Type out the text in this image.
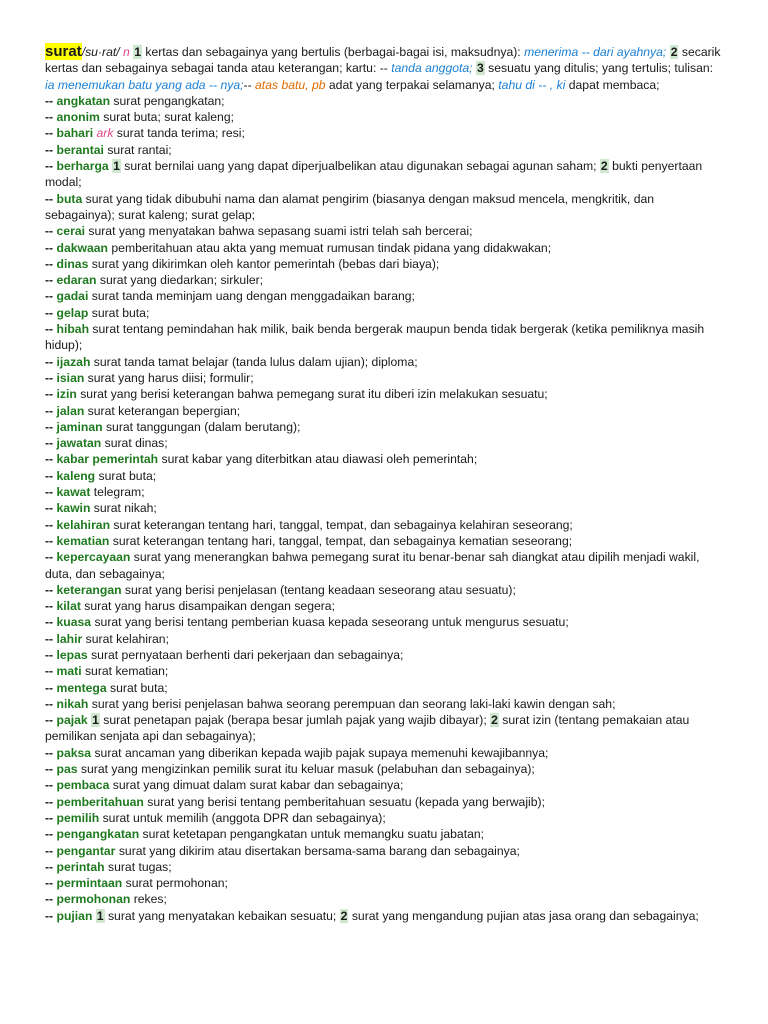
surat/su·rat/ n 1 kertas dan sebagainya yang bertulis (berbagai-bagai isi, maksudnya): menerima -- dari ayahnya; 2 secarik kertas dan sebagainya sebagai tanda atau keterangan; kartu: -- tanda anggota; 3 sesuatu yang ditulis; yang tertulis; tulisan: ia menemukan batu yang ada -- nya;-- atas batu, pb adat yang terpakai selamanya; tahu di -- , ki dapat membaca;

-- angkatan surat pengangkatan;

-- anonim surat buta; surat kaleng;

-- bahari ark surat tanda terima; resi;

-- berantai surat rantai;

-- berharga 1 surat bernilai uang yang dapat diperjualbelikan atau digunakan sebagai agunan saham; 2 bukti penyertaan modal;

-- buta surat yang tidak dibubuhi nama dan alamat pengirim (biasanya dengan maksud mencela, mengkritik, dan sebagainya); surat kaleng; surat gelap;

-- cerai surat yang menyatakan bahwa sepasang suami istri telah sah bercerai;

-- dakwaan pemberitahuan atau akta yang memuat rumusan tindak pidana yang didakwakan;

-- dinas surat yang dikirimkan oleh kantor pemerintah (bebas dari biaya);

-- edaran surat yang diedarkan; sirkuler;

-- gadai surat tanda meminjam uang dengan menggadaikan barang;

-- gelap surat buta;

-- hibah surat tentang pemindahan hak milik, baik benda bergerak maupun benda tidak bergerak (ketika pemiliknya masih hidup);

-- ijazah surat tanda tamat belajar (tanda lulus dalam ujian); diploma;

-- isian surat yang harus diisi; formulir;

-- izin surat yang berisi keterangan bahwa pemegang surat itu diberi izin melakukan sesuatu;

-- jalan surat keterangan bepergian;

-- jaminan surat tanggungan (dalam berutang);

-- jawatan surat dinas;

-- kabar pemerintah surat kabar yang diterbitkan atau diawasi oleh pemerintah;

-- kaleng surat buta;

-- kawat telegram;

-- kawin surat nikah;

-- kelahiran surat keterangan tentang hari, tanggal, tempat, dan sebagainya kelahiran seseorang;

-- kematian surat keterangan tentang hari, tanggal, tempat, dan sebagainya kematian seseorang;

-- kepercayaan surat yang menerangkan bahwa pemegang surat itu benar-benar sah diangkat atau dipilih menjadi wakil, duta, dan sebagainya;

-- keterangan surat yang berisi penjelasan (tentang keadaan seseorang atau sesuatu);

-- kilat surat yang harus disampaikan dengan segera;

-- kuasa surat yang berisi tentang pemberian kuasa kepada seseorang untuk mengurus sesuatu;

-- lahir surat kelahiran;

-- lepas surat pernyataan berhenti dari pekerjaan dan sebagainya;

-- mati surat kematian;

-- mentega surat buta;

-- nikah surat yang berisi penjelasan bahwa seorang perempuan dan seorang laki-laki kawin dengan sah;

-- pajak 1 surat penetapan pajak (berapa besar jumlah pajak yang wajib dibayar); 2 surat izin (tentang pemakaian atau pemilikan senjata api dan sebagainya);

-- paksa surat ancaman yang diberikan kepada wajib pajak supaya memenuhi kewajibannya;

-- pas surat yang mengizinkan pemilik surat itu keluar masuk (pelabuhan dan sebagainya);

-- pembaca surat yang dimuat dalam surat kabar dan sebagainya;

-- pemberitahuan surat yang berisi tentang pemberitahuan sesuatu (kepada yang berwajib);

-- pemilih surat untuk memilih (anggota DPR dan sebagainya);

-- pengangkatan surat ketetapan pengangkatan untuk memangku suatu jabatan;

-- pengantar surat yang dikirim atau disertakan bersama-sama barang dan sebagainya;

-- perintah surat tugas;

-- permintaan surat permohonan;

-- permohonan rekes;

-- pujian 1 surat yang menyatakan kebaikan sesuatu; 2 surat yang mengandung pujian atas jasa orang dan sebagainya;
